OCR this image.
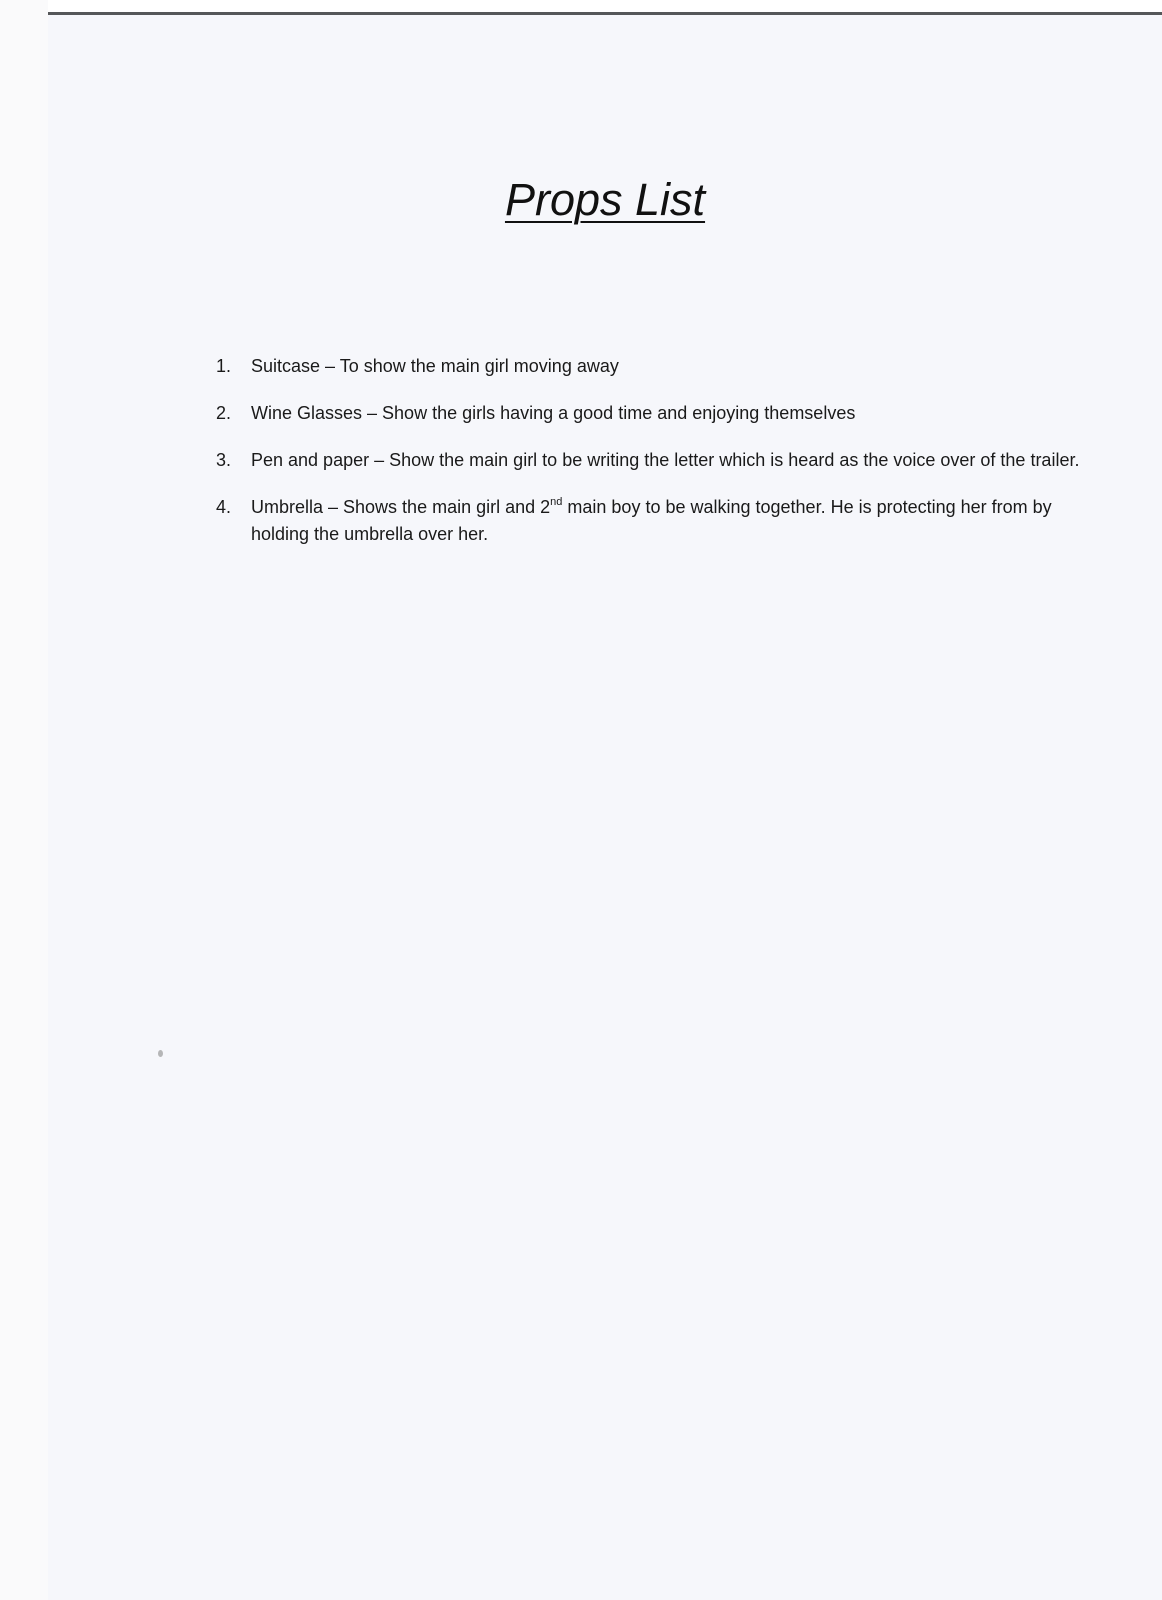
Props List
1. Suitcase – To show the main girl moving away
2. Wine Glasses – Show the girls having a good time and enjoying themselves
3. Pen and paper – Show the main girl to be writing the letter which is heard as the voice over of the trailer.
4. Umbrella – Shows the main girl and 2nd main boy to be walking together. He is protecting her from by holding the umbrella over her.
